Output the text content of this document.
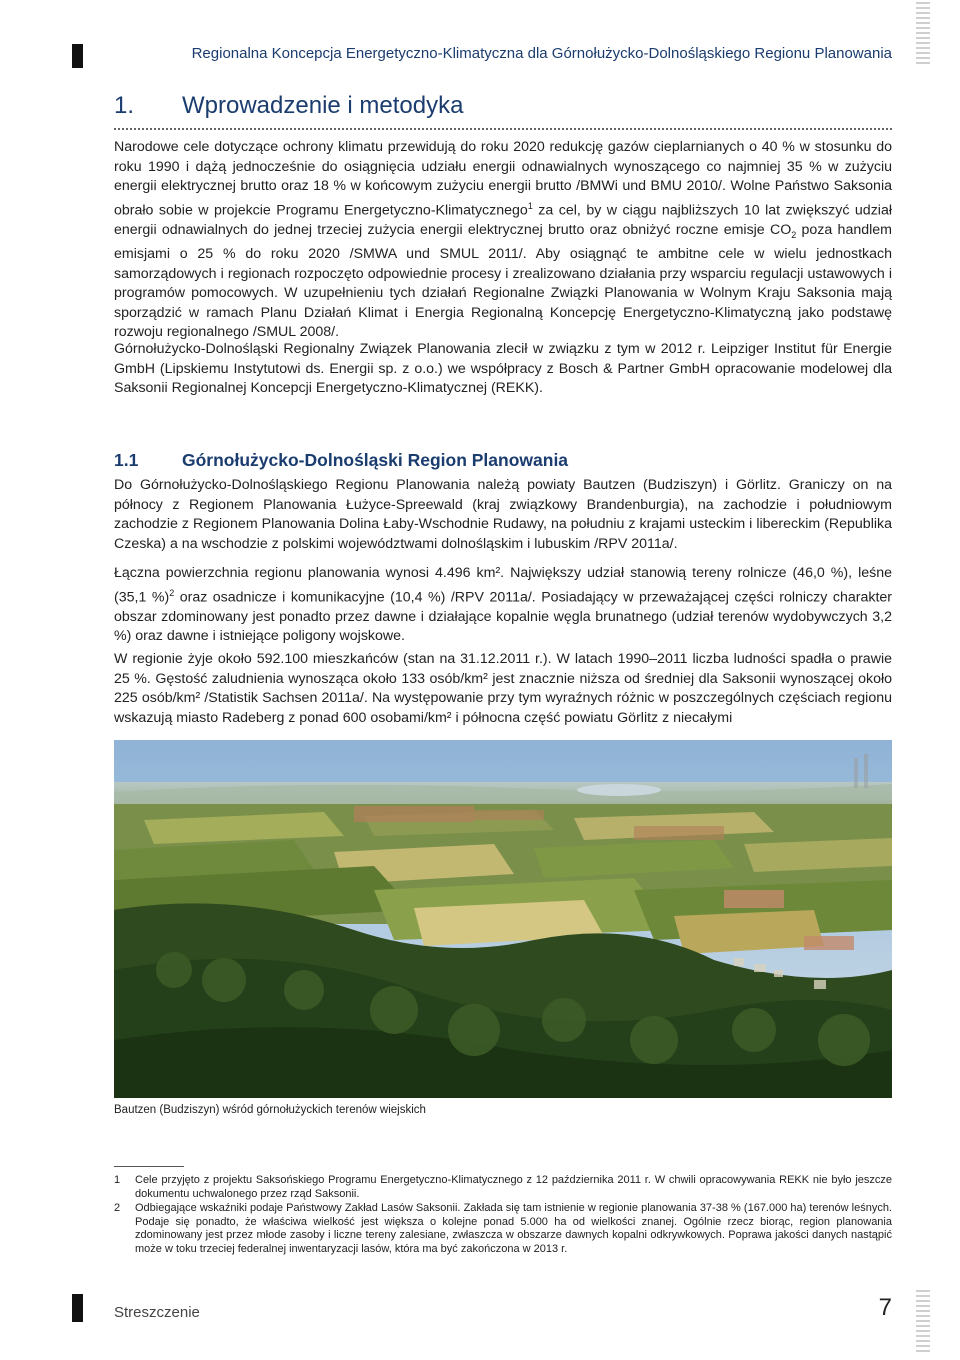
Regionalna Koncepcja Energetyczno-Klimatyczna dla Górnołużycko-Dolnośląskiego Regionu Planowania
1. Wprowadzenie i metodyka
Narodowe cele dotyczące ochrony klimatu przewidują do roku 2020 redukcję gazów cieplarnianych o 40 % w stosunku do roku 1990 i dążą jednocześnie do osiągnięcia udziału energii odnawialnych wynoszącego co najmniej 35 % w zużyciu energii elektrycznej brutto oraz 18 % w końcowym zużyciu energii brutto /BMWi und BMU 2010/. Wolne Państwo Saksonia obrało sobie w projekcie Programu Energetyczno-Klimatycznego$^1$ za cel, by w ciągu najbliższych 10 lat zwiększyć udział energii odnawialnych do jednej trzeciej zużycia energii elektrycznej brutto oraz obniżyć roczne emisje $CO_2$ poza handlem emisjami o 25 % do roku 2020 /SMWA und SMUL 2011/. Aby osiągnąć te ambitne cele w wielu jednostkach samorządowych i regionach rozpoczęto odpowiednie procesy i zrealizowano działania przy wsparciu regulacji ustawowych i programów pomocowych. W uzupełnieniu tych działań Regionalne Związki Planowania w Wolnym Kraju Saksonia mają sporządzić w ramach Planu Działań Klimat i Energia Regionalną Koncepcję Energetyczno-Klimatyczną jako podstawę rozwoju regionalnego /SMUL 2008/.
Górnołużycko-Dolnośląski Regionalny Związek Planowania zlecił w związku z tym w 2012 r. Leipziger Institut für Energie GmbH (Lipskiemu Instytutowi ds. Energii sp. z o.o.) we współpracy z Bosch & Partner GmbH opracowanie modelowej dla Saksonii Regionalnej Koncepcji Energetyczno-Klimatycznej (REKK).
1.1 Górnołużycko-Dolnośląski Region Planowania
Do Górnołużycko-Dolnośląskiego Regionu Planowania należą powiaty Bautzen (Budziszyn) i Görlitz. Graniczy on na północy z Regionem Planowania Łużyce-Spreewald (kraj związkowy Brandenburgia), na zachodzie i południowym zachodzie z Regionem Planowania Dolina Łaby-Wschodnie Rudawy, na południu z krajami usteckim i libereckim (Republika Czeska) a na wschodzie z polskimi województwami dolnośląskim i lubuskim /RPV 2011a/.
Łączna powierzchnia regionu planowania wynosi 4.496 km². Największy udział stanowią tereny rolnicze (46,0 %), leśne (35,1 %)$^2$ oraz osadnicze i komunikacyjne (10,4 %) /RPV 2011a/. Posiadający w przeważającej części rolniczy charakter obszar zdominowany jest ponadto przez dawne i działające kopalnie węgla brunatnego (udział terenów wydobywczych 3,2 %) oraz dawne i istniejące poligony wojskowe.
W regionie żyje około 592.100 mieszkańców (stan na 31.12.2011 r.). W latach 1990–2011 liczba ludności spadła o prawie 25 %. Gęstość zaludnienia wynosząca około 133 osób/km² jest znacznie niższa od średniej dla Saksonii wynoszącej około 225 osób/km² /Statistik Sachsen 2011a/. Na występowanie przy tym wyraźnych różnic w poszczególnych częściach regionu wskazują miasto Radeberg z ponad 600 osobami/km² i północna część powiatu Görlitz z niecałymi
Bautzen (Budziszyn) wśród górnołużyckich terenów wiejskich
1 Cele przyjęto z projektu Saksońskiego Programu Energetyczno-Klimatycznego z 12 października 2011 r. W chwili opracowywania REKK nie było jeszcze dokumentu uchwalonego przez rząd Saksonii.
2 Odbiegające wskaźniki podaje Państwowy Zakład Lasów Saksonii. Zakłada się tam istnienie w regionie planowania 37-38 % (167.000 ha) terenów leśnych. Podaje się ponadto, że właściwa wielkość jest większa o kolejne ponad 5.000 ha od wielkości znanej. Ogólnie rzecz biorąc, region planowania zdominowany jest przez młode zasoby i liczne tereny zalesiane, zwłaszcza w obszarze dawnych kopalni odkrywkowych. Poprawa jakości danych nastąpić może w toku trzeciej federalnej inwentaryzacji lasów, która ma być zakończona w 2013 r.
Streszczenie	7
